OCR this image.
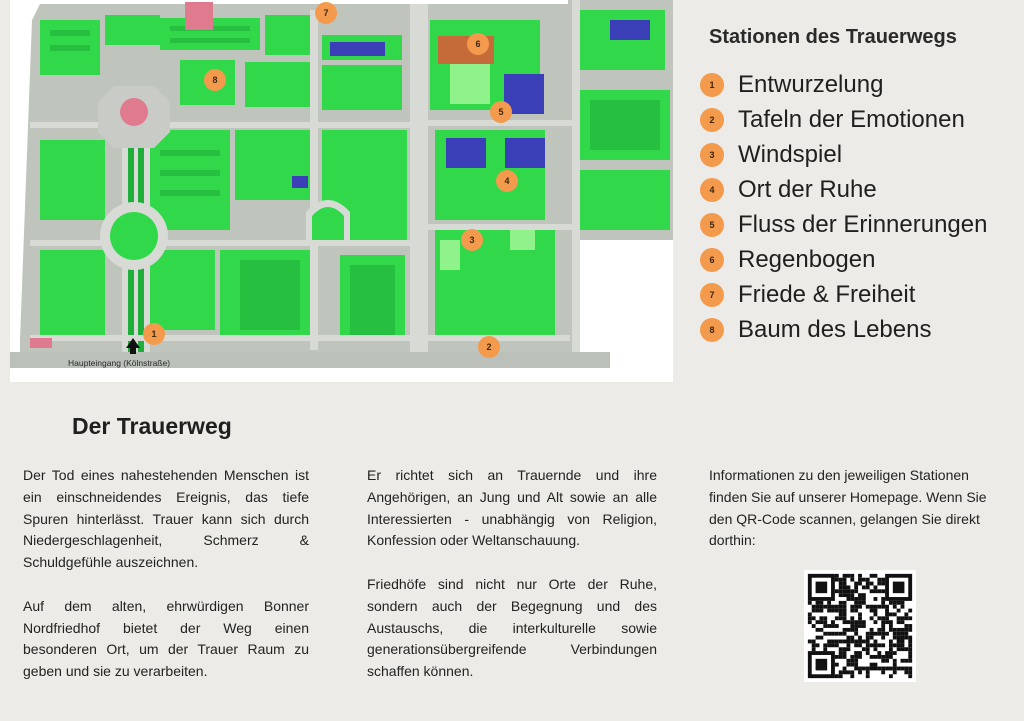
1
2
3
4
5
6
7
8
Haupteingang (Kölnstraße)
Stationen des Trauerwegs
1 Entwurzelung
2 Tafeln der Emotionen
3 Windspiel
4 Ort der Ruhe
5 Fluss der Erinnerungen
6 Regenbogen
7 Friede & Freiheit
8 Baum des Lebens
Der Trauerweg

Der Tod eines nahestehenden Menschen ist ein einschneidendes Ereignis, das tiefe Spuren hinterlässt. Trauer kann sich durch Niedergeschlagenheit, Schmerz & Schuldgefühle auszeichnen.

Auf dem alten, ehrwürdigen Bonner Nordfriedhof bietet der Weg einen besonderen Ort, um der Trauer Raum zu geben und sie zu verarbeiten.

Er richtet sich an Trauernde und ihre Angehörigen, an Jung und Alt sowie an alle Interessierten - unabhängig von Religion, Konfession oder Weltanschauung.

Friedhöfe sind nicht nur Orte der Ruhe, sondern auch der Begegnung und des Austauschs, die interkulturelle sowie generationsübergreifende Verbindungen schaffen können.

Informationen zu den jeweiligen Stationen finden Sie auf unserer Homepage. Wenn Sie den QR-Code scannen, gelangen Sie direkt dorthin:
